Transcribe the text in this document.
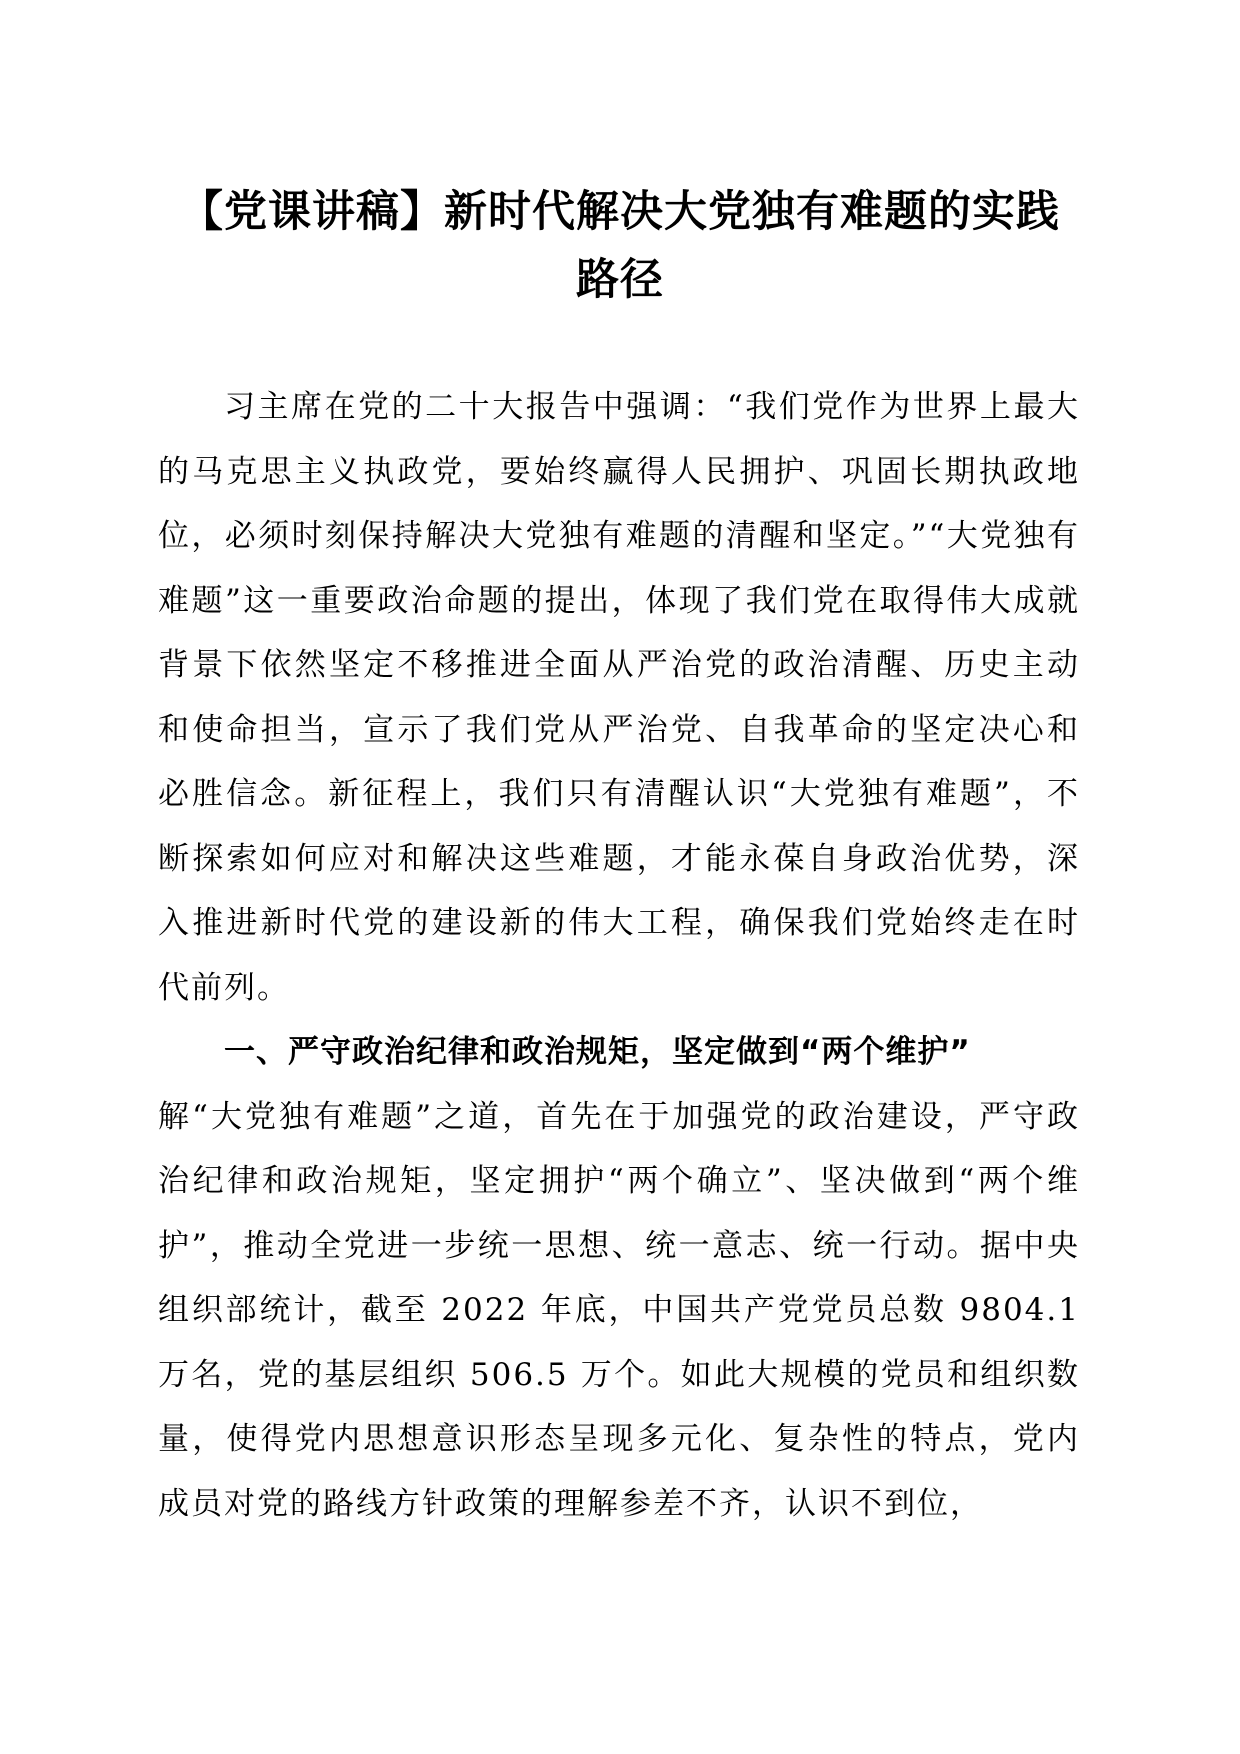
【党课讲稿】新时代解决大党独有难题的实践
路径

习主席在党的二十大报告中强调：“我们党作为世界上最大的马克思主义执政党，要始终赢得人民拥护、巩固长期执政地位，必须时刻保持解决大党独有难题的清醒和坚定。”“大党独有难题”这一重要政治命题的提出，体现了我们党在取得伟大成就背景下依然坚定不移推进全面从严治党的政治清醒、历史主动和使命担当，宣示了我们党从严治党、自我革命的坚定决心和必胜信念。新征程上，我们只有清醒认识“大党独有难题”，不断探索如何应对和解决这些难题，才能永葆自身政治优势，深入推进新时代党的建设新的伟大工程，确保我们党始终走在时代前列。

一、严守政治纪律和政治规矩，坚定做到“两个维护”

解“大党独有难题”之道，首先在于加强党的政治建设，严守政治纪律和政治规矩，坚定拥护“两个确立”、坚决做到“两个维护”，推动全党进一步统一思想、统一意志、统一行动。据中央组织部统计，截至 2022 年底，中国共产党党员总数 9804.1 万名，党的基层组织 506.5 万个。如此大规模的党员和组织数量，使得党内思想意识形态呈现多元化、复杂性的特点，党内成员对党的路线方针政策的理解参差不齐，认识不到位，
